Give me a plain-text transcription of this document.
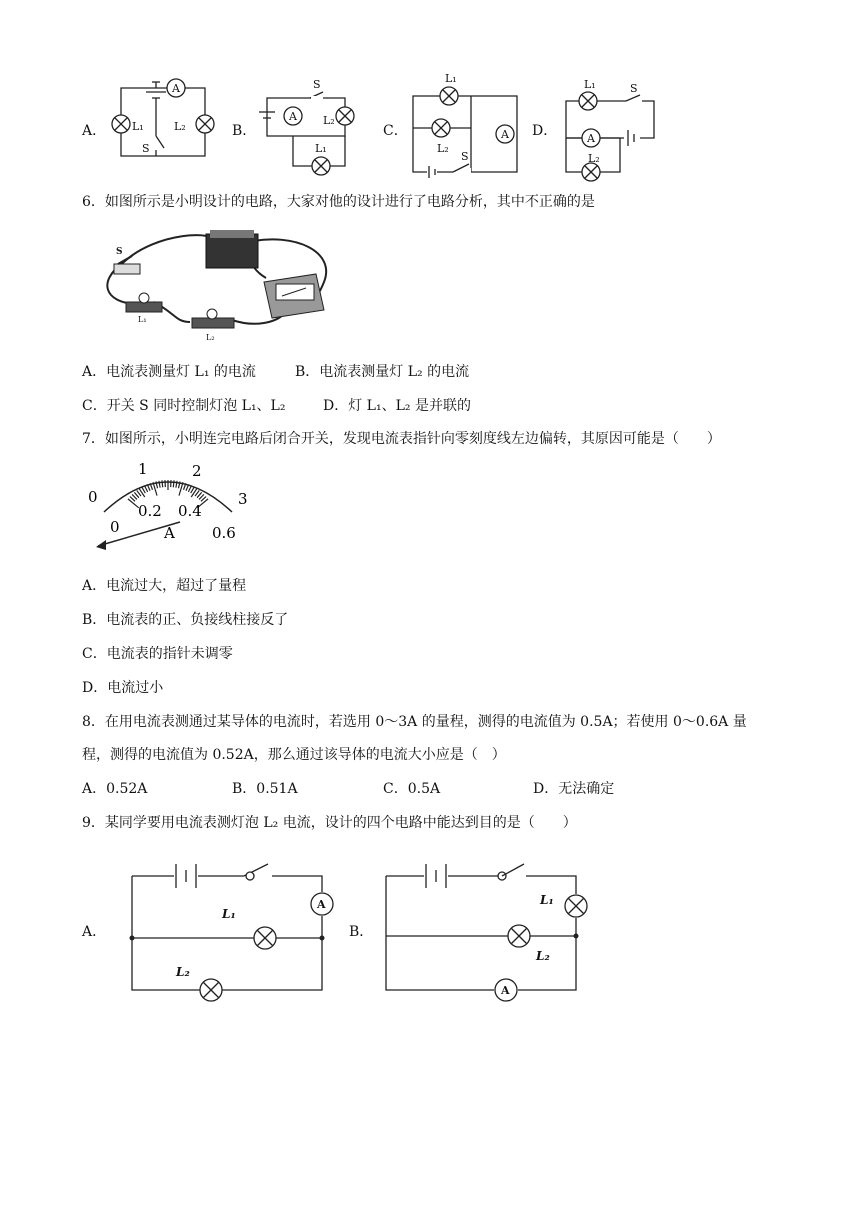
A．
A
L₁	L₂
S
B．
A
S
L₂
L₁
C．
L₁
L₂
A
S
D．
L₁	S
A
L₂
6．如图所示是小明设计的电路，大家对他的设计进行了电路分析，其中不正确的是
S
L₁
L₂
A．电流表测量灯 L₁ 的电流	B．电流表测量灯 L₂ 的电流
C．开关 S 同时控制灯泡 L₁、L₂	D．灯 L₁、L₂ 是并联的
7．如图所示，小明连完电路后闭合开关，发现电流表指针向零刻度线左边偏转，其原因可能是（　　）
0
1	2
3
0
0.2 0.4
0.6
A
A．电流过大，超过了量程
B．电流表的正、负接线柱接反了
C．电流表的指针未调零
D．电流过小
8．在用电流表测通过某导体的电流时，若选用 0～3A 的量程，测得的电流值为 0.5A；若使用 0～0.6A 量
程，测得的电流值为 0.52A，那么通过该导体的电流大小应是（　）
A．0.52A	B．0.51A	C．0.5A	D．无法确定
9．某同学要用电流表测灯泡 L₂ 电流，设计的四个电路中能达到目的是（　　）
A．
A
L₁
L₂
B．
L₁
L₂
A
